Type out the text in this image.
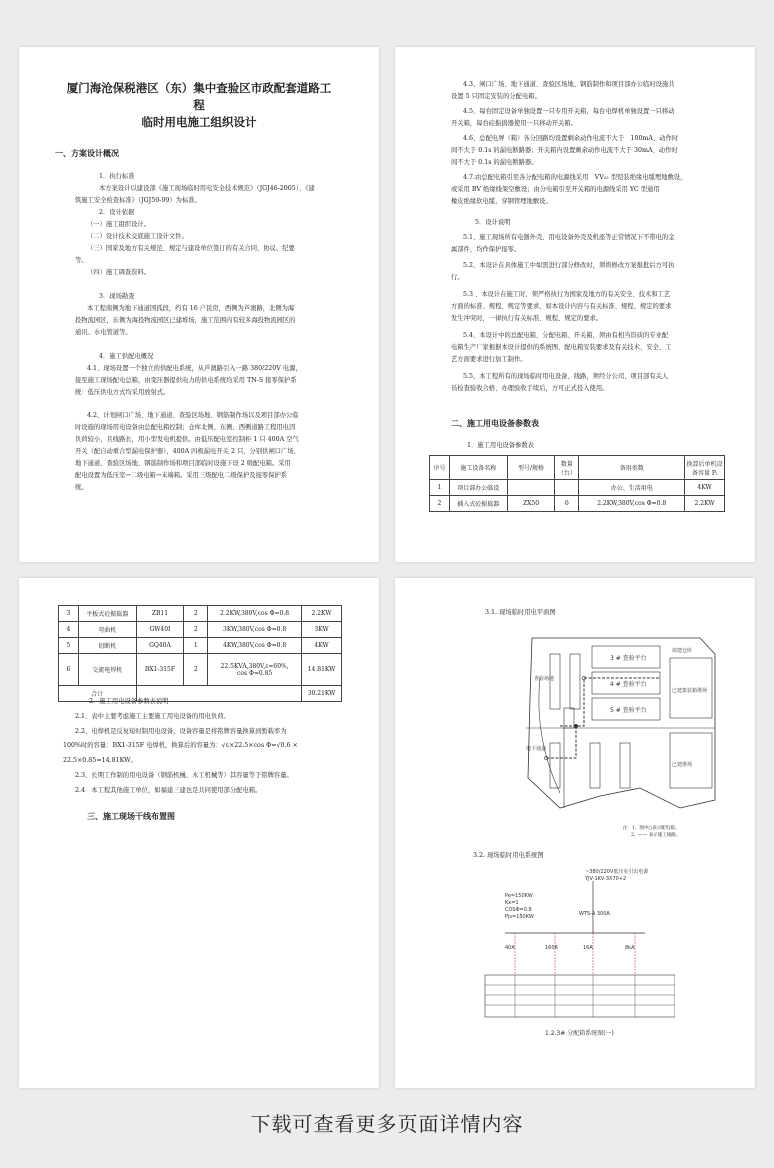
厦门海沧保税港区（东）集中查验区市政配套道路工
程
临时用电施工组织设计
一、方案设计概况
1．执行标准
本方案设计以建设部《施工现场临时用电安全技术规范》（JGJ46-2005）、《建
筑施工安全检查标准》（JGJ59-99）为标准。
2．设计依据
（一）施工组织设计。
（二）设计技术交底施工设计文件。
（三）国家及地方有关规范、规定与建设单位签订的有关合同、协议、纪要
等。
（四）施工调查资料。
3．现场勘查
本工程南侧为地下通道国孤段，约有 16 户民房，西侧为芦澳路，北侧为海
投物流园区，东侧为海投物流园区已建堆场，施工范围内有较多海投物流园区的
通讯、水电管道等。
4．施工供配电概况
4.1、现场设置一个独立的供配电系统，从芦澳路引入一路 380/220V 电源，
接至施工现场配电总箱，由变压器提供电力的供电系统均采用 TN-S 接零保护系
统：低压供电方式均采用放射式。
4.2、计划闸口广场、地下通道、查验区场地、钢筋制作场以及项目部办公临
时设施的现场用电设备由总配电箱控制；仓库北侧、东侧、西侧道路工程用电因
负荷较小，且线路长，用小型发电机提供。由低压配电室控制柜 1 只 400A 空气
开关（配自动重合型漏电保护器），400A 四极漏电开关 2 只，分别供闸口广场、
地下通道、查验区场地、钢筋制作场和项目部临时设施下设 2 级配电箱。采用
配电设置为低压室→二级电箱→末端箱。采用三级配电二级保护及接零保护系
统。
4.3、闸口广场、地下通道、查验区场地、钢筋制作和项目部办公临时设施共
设置 5 只固定安装的分配电箱。
4.5、每台固定设备单独设置一只专用开关箱，每台电焊机单独设置一只移动
开关箱，每台砼振捣器使用一只移动开关箱。
4.6、总配电屏（箱）各分回路均设置剩余动作电流不大于　100mA、动作时
间不大于 0.1s 的漏电断路器；开关箱内设置剩余动作电流不大于 30mA、动作时
间不大于 0.1s 的漏电断路器。
4.7.由总配电箱引至各分配电箱的电源线采用　VV₂₂ 型铠装绝缘电缆埋地敷设，
或采用 BV 绝缘线架空敷设；由分电箱引至开关箱的电源线采用 YC 型通用
橡皮绝缘软电缆，穿钢管埋地敷设。
5．设计说明
5.1、施工现场所有电器外壳、用电设备外壳及机座等正常情况下不带电的金
属部件，均作保护接零。
5.2、本设计在具体施工中如需进行部分修改时，须将修改方案报批后方可执
行。
5.3 、本设计在施工时，须严格执行为国家及地方的有关安全、技术和工艺
方面的标准、规程、规定等要求，如本设计内容与有关标准、规程、规定的要求
发生冲突时，一律执行有关标准、规程、规定的要求。
5.4、本设计中的总配电箱、分配电箱、开关箱，须由有相当资质的专业配
电箱生产厂家根据本设计提供的系统图、配电箱安装要求及有关技术、安全、工
艺方面要求进行加工制作。
5.5、本工程所有的现场临时用电设备、线路，须经分公司、项目部有关人
员检查验收合格、办理验收手续后，方可正式投入使用。
二、施工用电设备参数表
1．施工用电设备参数表
序号	施工设备名称	型号/规格	数量（台）	备用参数	换算后单机设备容量 Pᵢ
1	项目部办公临设			办公、生活用电	4KW
2	插入式砼振捣器	ZX50	6	2.2KW,380V,cos Φ=0.8	2.2KW
3	平板式砼振捣器	ZB11	2	2.2KW,380V,cos Φ=0.8	2.2KW
4	弯曲机	GW40I	2	3KW,380V,cos Φ=0.8	3KW
5	切断机	GQ40A	1	4KW,380V,cos Φ=0.8	4KW
6	交流电焊机	BX1-315F	2	22.5KVA,380V,ε=60%,
cos Φ=0.85	14.81KW
合计					30.21KW
2．施工用电设备参数表说明
2.1、表中主要考虑施工主要施工用电设备的用电负荷。
2.2、电焊机是反复短时制用电设备，设备容量是将铭牌容量换算到暂载率为
100%时的容量：BX1-315F 电焊机，换算后的容量为：√ε×22.5×cos Φ=√0.6 ×
22.5×0.85=14.81KW。
2.3、长期工作制的用电设备（钢筋机械、木工机械等）其容量等于铭牌容量。
2.4　本工程其他施工单位，如福建三建也是共同使用部分配电箱。
三、施工现场干线布置图
3.1. 现场临时用电平面图
3 # 查验平台
4 # 查验平台
5 # 查验平台
拟建仓库
已建集装箱堆场
已建堆场
查验场地
地下通道
注：1、图中○表示配电箱。
2、—— 表示施工线路。
3.2. 现场临时用电系统图
~380/220V低压室引出电源
YJV-1KV-3X70+2
Pe=150KW
Kx=1
COSΦ=0.8
Pjs=150KW	WTS-A 300A
40A	160A	16A	8kA
1.2.3# 分配箱系统图(一)
下载可查看更多页面详情内容
